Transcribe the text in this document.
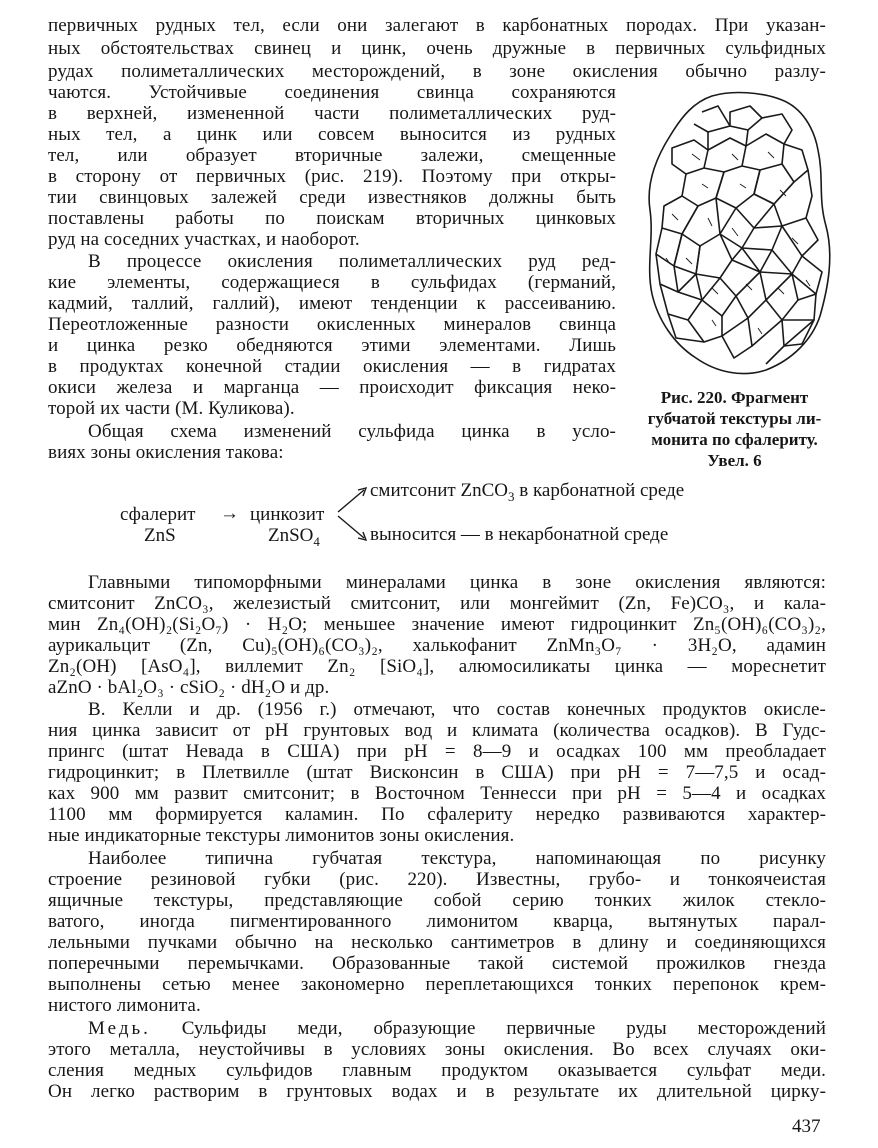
первичных рудных тел, если они залегают в карбонатных породах. При указан-

ных обстоятельствах свинец и цинк, очень дружные в первичных сульфидных

рудах полиметаллических месторождений, в зоне окисления обычно разлу-

чаются. Устойчивые соединения свинца сохраняются

в верхней, измененной части полиметаллических руд-

ных тел, а цинк или совсем выносится из рудных

тел, или образует вторичные залежи, смещенные

в сторону от первичных (рис. 219). Поэтому при откры-

тии свинцовых залежей среди известняков должны быть

поставлены работы по поискам вторичных цинковых

руд на соседних участках, и наоборот.

В процессе окисления полиметаллических руд ред-

кие элементы, содержащиеся в сульфидах (германий,

кадмий, таллий, галлий), имеют тенденции к рассеиванию.

Переотложенные разности окисленных минералов свинца

и цинка резко обедняются этими элементами. Лишь

в продуктах конечной стадии окисления — в гидратах

окиси железа и марганца — происходит фиксация неко-

торой их части (М. Куликова).

Общая схема изменений сульфида цинка в усло-

виях зоны окисления такова:

Рис. 220. Фрагмент

губчатой текстуры ли-

монита по сфалериту.

Увел. 6

сфалерит
ZnS
→ цинкозит
ZnSO$_4$
смитсонит ZnCO$_3$ в карбонатной среде
выносится — в некарбонатной среде

Главными типоморфными минералами цинка в зоне окисления являются:

смитсонит ZnCO₃, железистый смитсонит, или монгеймит (Zn, Fe)CO₃, и кала-

мин Zn₄(OH)₂(Si₂O₇) · H₂O; меньшее значение имеют гидроцинкит Zn₅(OH)₆(CO₃)₂,

аурикальцит (Zn, Cu)₅(OH)₆(CO₃)₂, халькофанит ZnMn₃O₇ · 3H₂O, адамин

Zn₂(OH) [AsO₄], виллемит Zn₂ [SiO₄], алюмосиликаты цинка — мореснетит

aZnO · bAl₂O₃ · cSiO₂ · dH₂O и др.

В. Келли и др. (1956 г.) отмечают, что состав конечных продуктов окисле-

ния цинка зависит от pH грунтовых вод и климата (количества осадков). В Гудс-

прингс (штат Невада в США) при pH = 8—9 и осадках 100 мм преобладает

гидроцинкит; в Плетвилле (штат Висконсин в США) при pH = 7—7,5 и осад-

ках 900 мм развит смитсонит; в Восточном Теннесси при pH = 5—4 и осадках

1100 мм формируется каламин. По сфалериту нередко развиваются характер-

ные индикаторные текстуры лимонитов зоны окисления.

Наиболее типична губчатая текстура, напоминающая по рисунку

строение резиновой губки (рис. 220). Известны, грубо- и тонкоячеистая

ящичные текстуры, представляющие собой серию тонких жилок стекло-

ватого, иногда пигментированного лимонитом кварца, вытянутых парал-

лельными пучками обычно на несколько сантиметров в длину и соединяющихся

поперечными перемычками. Образованные такой системой прожилков гнезда

выполнены сетью менее закономерно переплетающихся тонких перепонок крем-

нистого лимонита.

Медь. Сульфиды меди, образующие первичные руды месторождений

этого металла, неустойчивы в условиях зоны окисления. Во всех случаях оки-

сления медных сульфидов главным продуктом оказывается сульфат меди.

Он легко растворим в грунтовых водах и в результате их длительной цирку-

437
